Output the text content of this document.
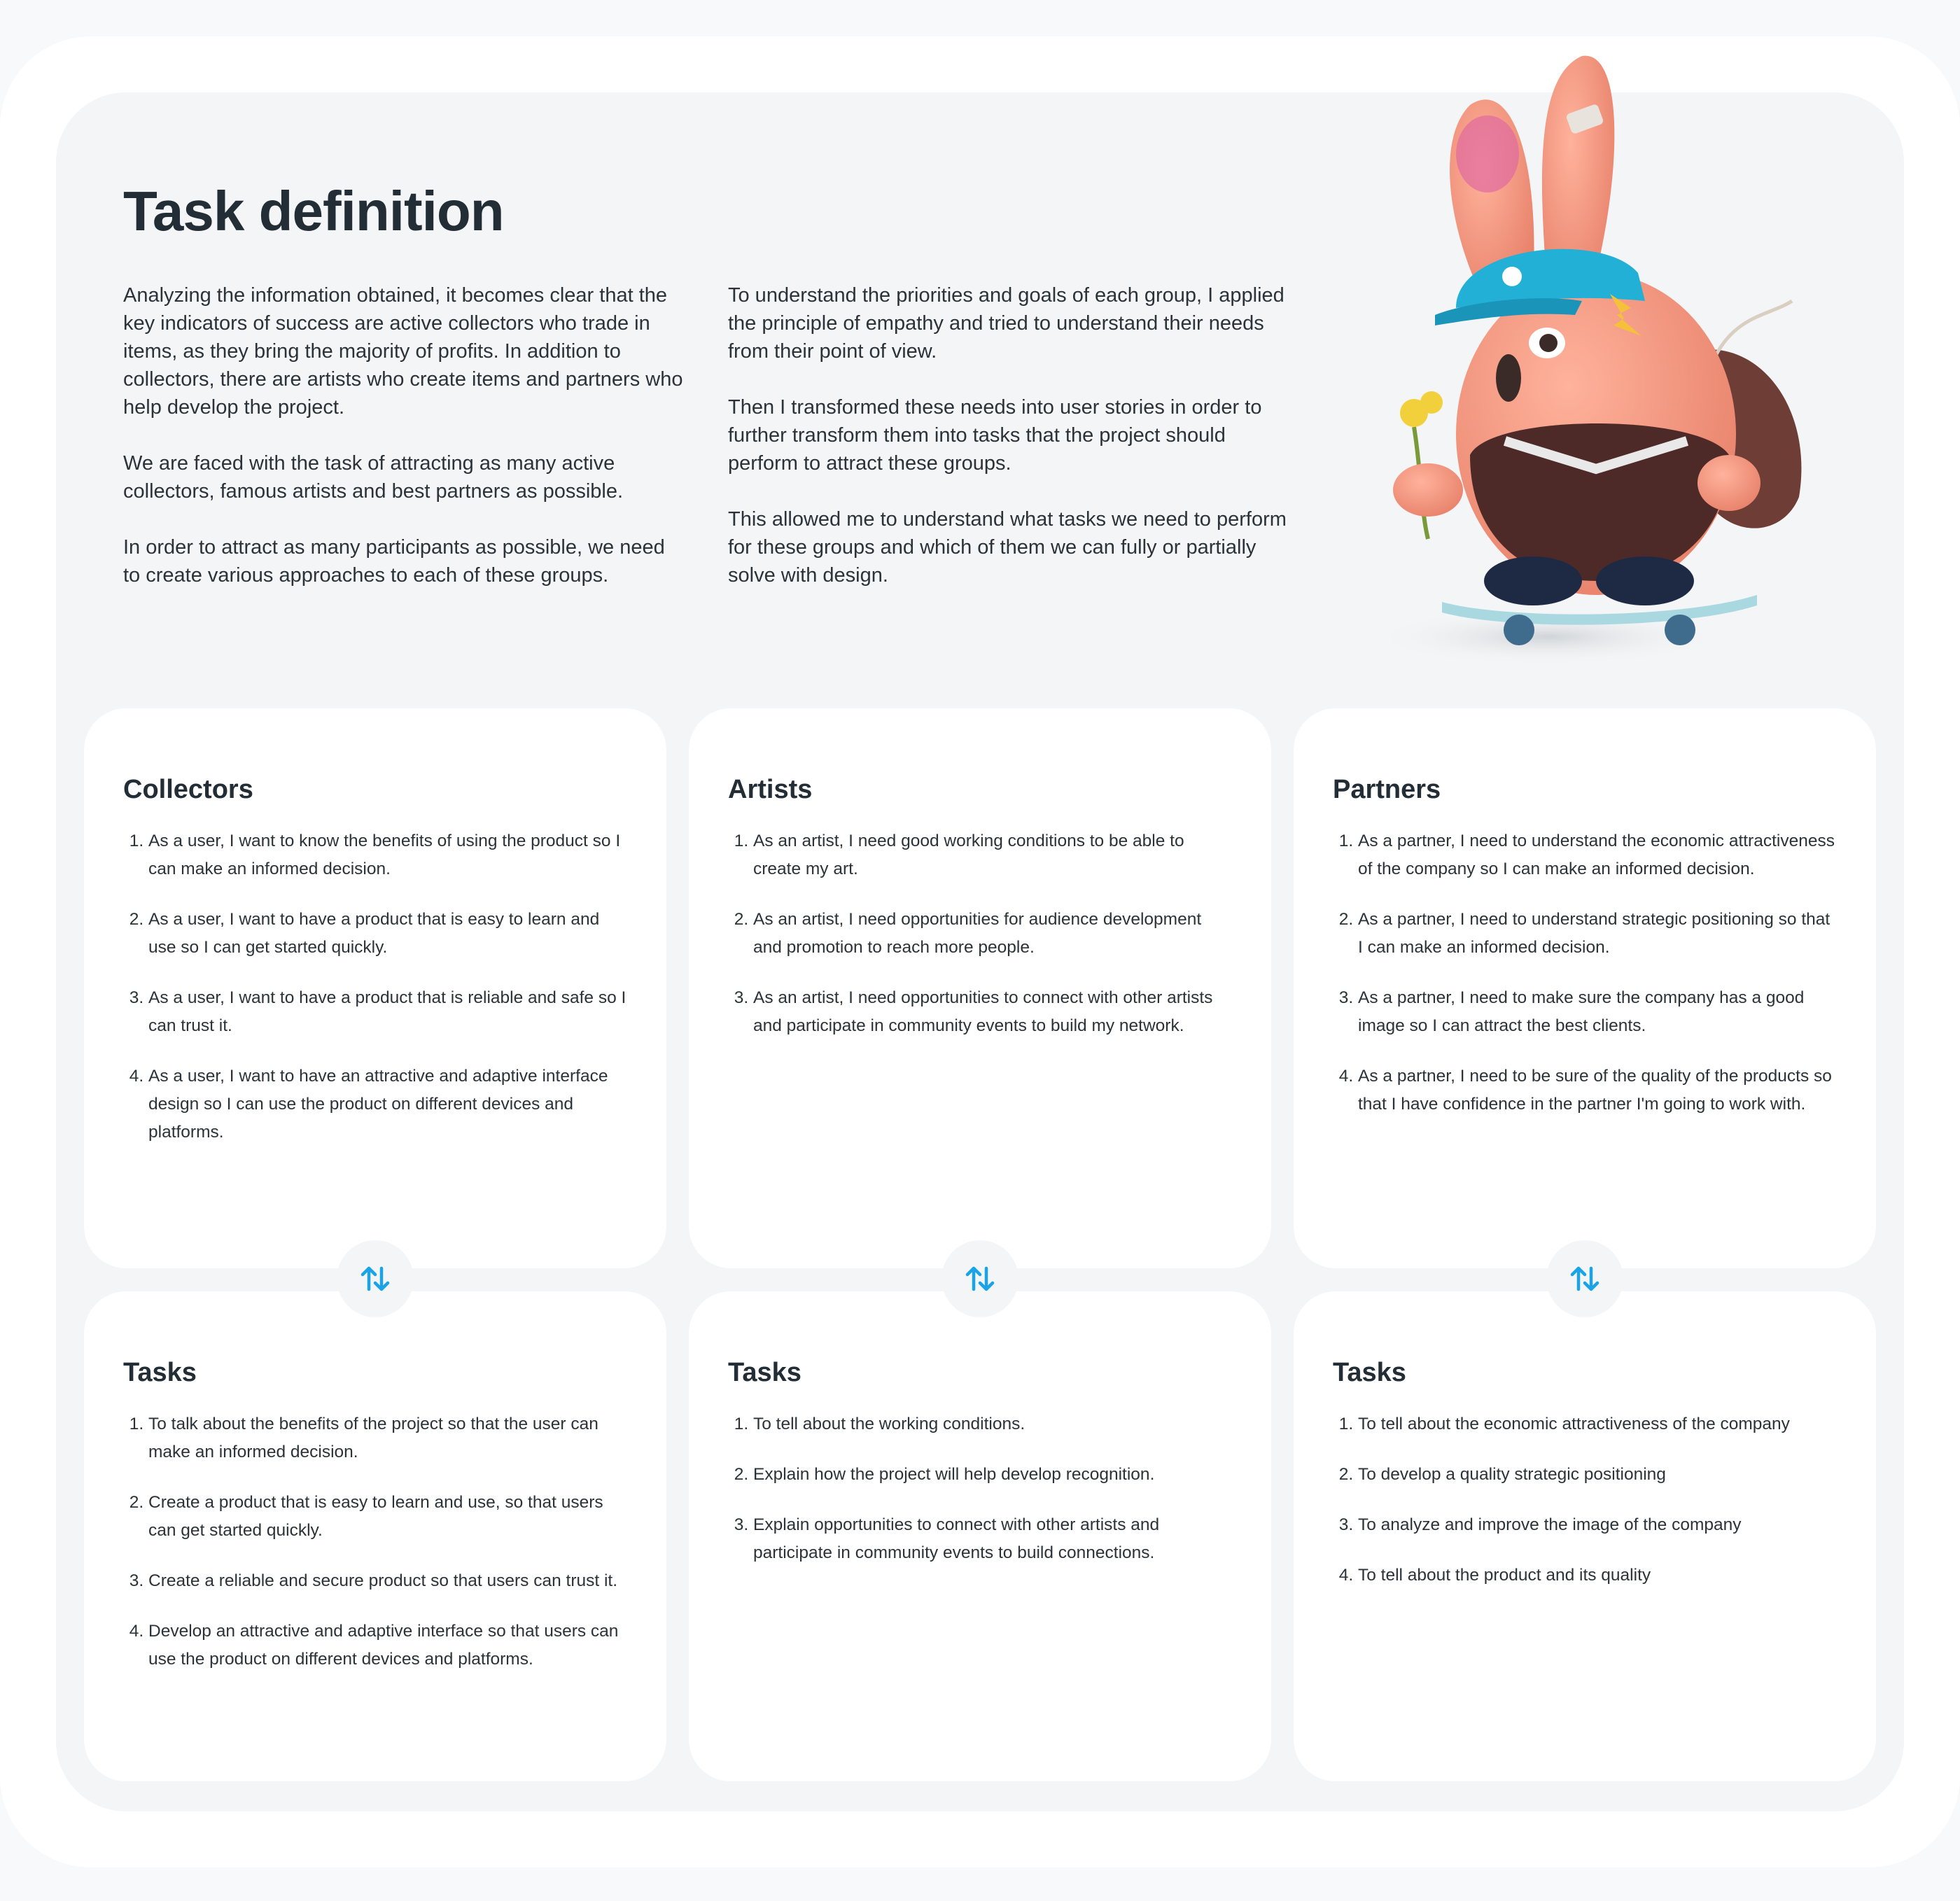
Task definition

Analyzing the information obtained, it becomes clear that the key indicators of success are active collectors who trade in items, as they bring the majority of profits. In addition to collectors, there are artists who create items and partners who help develop the project.

We are faced with the task of attracting as many active collectors, famous artists and best partners as possible.

In order to attract as many participants as possible, we need to create various approaches to each of these groups.

To understand the priorities and goals of each group, I applied the principle of empathy and tried to understand their needs from their point of view.

Then I transformed these needs into user stories in order to further transform them into tasks that the project should perform to attract these groups.

This allowed me to understand what tasks we need to perform for these groups and which of them we can fully or partially solve with design.

Collectors
1. As a user, I want to know the benefits of using the product so I can make an informed decision.
2. As a user, I want to have a product that is easy to learn and use so I can get started quickly.
3. As a user, I want to have a product that is reliable and safe so I can trust it.
4. As a user, I want to have an attractive and adaptive interface design so I can use the product on different devices and platforms.
Artists
1. As an artist, I need good working conditions to be able to create my art.
2. As an artist, I need opportunities for audience development and promotion to reach more people.
3. As an artist, I need opportunities to connect with other artists and participate in community events to build my network.
Partners
1. As a partner, I need to understand the economic attractiveness of the company so I can make an informed decision.
2. As a partner, I need to understand strategic positioning so that I can make an informed decision.
3. As a partner, I need to make sure the company has a good image so I can attract the best clients.
4. As a partner, I need to be sure of the quality of the products so that I have confidence in the partner I'm going to work with.
Tasks
1. To talk about the benefits of the project so that the user can make an informed decision.
2. Create a product that is easy to learn and use, so that users can get started quickly.
3. Create a reliable and secure product so that users can trust it.
4. Develop an attractive and adaptive interface so that users can use the product on different devices and platforms.
Tasks
1. To tell about the working conditions.
2. Explain how the project will help develop recognition.
3. Explain opportunities to connect with other artists and participate in community events to build connections.
Tasks
1. To tell about the economic attractiveness of the company
2. To develop a quality strategic positioning
3. To analyze and improve the image of the company
4. To tell about the product and its quality
